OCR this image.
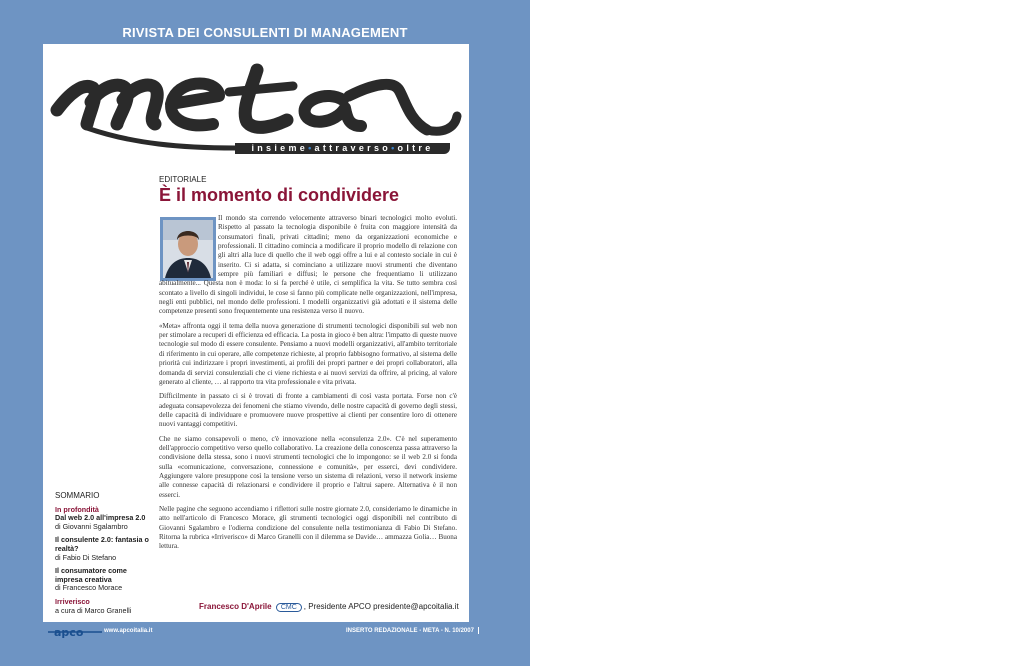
RIVISTA DEI CONSULENTI DI MANAGEMENT
insieme•attraverso•oltre
EDITORIALE
È il momento di condividere

Il mondo sta correndo velocemente attraverso binari tecnologici molto evoluti. Rispetto al passato la tecnologia disponibile è fruita con maggiore intensità da consumatori finali, privati cittadini; meno da organizzazioni economiche e professionali. Il cittadino comincia a modificare il proprio modello di relazione con gli altri alla luce di quello che il web oggi offre a lui e al contesto sociale in cui è inserito. Ci si adatta, si cominciano a utilizzare nuovi strumenti che diventano sempre più familiari e diffusi; le persone che frequentiamo li utilizzano abitualmente... Questa non è moda: lo si fa perché è utile, ci semplifica la vita. Se tutto sembra così scontato a livello di singoli individui, le cose si fanno più complicate nelle organizzazioni, nell'impresa, negli enti pubblici, nel mondo delle professioni. I modelli organizzativi già adottati e il sistema delle competenze presenti sono frequentemente una resistenza verso il nuovo.

«Meta» affronta oggi il tema della nuova generazione di strumenti tecnologici disponibili sul web non per stimolare a recuperi di efficienza ed efficacia. La posta in gioco è ben altra: l'impatto di queste nuove tecnologie sul modo di essere consulente. Pensiamo a nuovi modelli organizzativi, all'ambito territoriale di riferimento in cui operare, alle competenze richieste, al proprio fabbisogno formativo, al sistema delle priorità cui indirizzare i propri investimenti, ai profili dei propri partner e dei propri collaboratori, alla domanda di servizi consulenziali che ci viene richiesta e ai nuovi servizi da offrire, al pricing, al valore generato al cliente, … al rapporto tra vita professionale e vita privata.

Difficilmente in passato ci si è trovati di fronte a cambiamenti di così vasta portata. Forse non c'è adeguata consapevolezza dei fenomeni che stiamo vivendo, delle nostre capacità di governo degli stessi, delle capacità di individuare e promuovere nuove prospettive ai clienti per consentire loro di ottenere nuovi vantaggi competitivi.

Che ne siamo consapevoli o meno, c'è innovazione nella «consulenza 2.0». C'è nel superamento dell'approccio competitivo verso quello collaborativo. La creazione della conoscenza passa attraverso la condivisione della stessa, sono i nuovi strumenti tecnologici che lo impongono: se il web 2.0 si fonda sulla «comunicazione, conversazione, connessione e comunità», per esserci, devi condividere. Aggiungere valore presuppone così la tensione verso un sistema di relazioni, verso il network insieme alle connesse capacità di relazionarsi e condividere il proprio e l'altrui sapere. Alternativa è il non esserci.

Nelle pagine che seguono accendiamo i riflettori sulle nostre giornate 2.0, consideriamo le dinamiche in atto nell'articolo di Francesco Morace, gli strumenti tecnologici oggi disponibili nel contributo di Giovanni Sgalambro e l'odierna condizione del consulente nella testimonianza di Fabio Di Stefano. Ritorna la rubrica «Irriverisco» di Marco Granelli con il dilemma se Davide… ammazza Golia… Buona lettura.

Francesco D'Aprile CMC , Presidente APCO presidente@apcoitalia.it
SOMMARIO
In profondità
Dal web 2.0 all'impresa 2.0
di Giovanni Sgalambro
Il consulente 2.0: fantasia o realtà?
di Fabio Di Stefano
Il consumatore come impresa creativa
di Francesco Morace
Irriverisco
a cura di Marco Granelli
apco	www.apcoitalia.it	INSERTO REDAZIONALE - META - N. 10/2007
